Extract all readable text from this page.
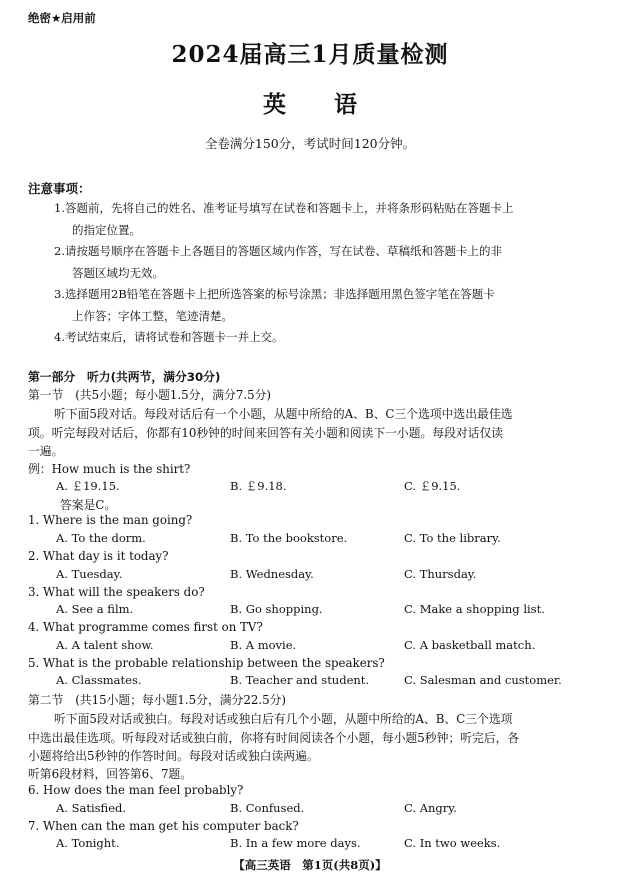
绝密★启用前
2024届高三1月质量检测
英 语
全卷满分150分，考试时间120分钟。
注意事项：
1.答题前，先将自己的姓名、准考证号填写在试卷和答题卡上，并将条形码粘贴在答题卡上
的指定位置。
2.请按题号顺序在答题卡上各题目的答题区域内作答，写在试卷、草稿纸和答题卡上的非
答题区域均无效。
3.选择题用2B铅笔在答题卡上把所选答案的标号涂黑；非选择题用黑色签字笔在答题卡
上作答；字体工整，笔迹清楚。
4.考试结束后，请将试卷和答题卡一并上交。
第一部分　听力(共两节，满分30分)
第一节　(共5小题；每小题1.5分，满分7.5分)
听下面5段对话。每段对话后有一个小题，从题中所给的A、B、C三个选项中选出最佳选
项。听完每段对话后，你都有10秒钟的时间来回答有关小题和阅读下一小题。每段对话仅读
一遍。
例：How much is the shirt?
A. ￡19.15.	B. ￡9.18.	C. ￡9.15.
答案是C。
1. Where is the man going?
A. To the dorm.	B. To the bookstore.	C. To the library.
2. What day is it today?
A. Tuesday.	B. Wednesday.	C. Thursday.
3. What will the speakers do?
A. See a film.	B. Go shopping.	C. Make a shopping list.
4. What programme comes first on TV?
A. A talent show.	B. A movie.	C. A basketball match.
5. What is the probable relationship between the speakers?
A. Classmates.	B. Teacher and student.	C. Salesman and customer.
第二节　(共15小题；每小题1.5分，满分22.5分)
听下面5段对话或独白。每段对话或独白后有几个小题，从题中所给的A、B、C三个选项
中选出最佳选项。听每段对话或独白前，你将有时间阅读各个小题，每小题5秒钟；听完后，各
小题将给出5秒钟的作答时间。每段对话或独白读两遍。
听第6段材料，回答第6、7题。
6. How does the man feel probably?
A. Satisfied.	B. Confused.	C. Angry.
7. When can the man get his computer back?
A. Tonight.	B. In a few more days.	C. In two weeks.
【高三英语　第1页(共8页)】
